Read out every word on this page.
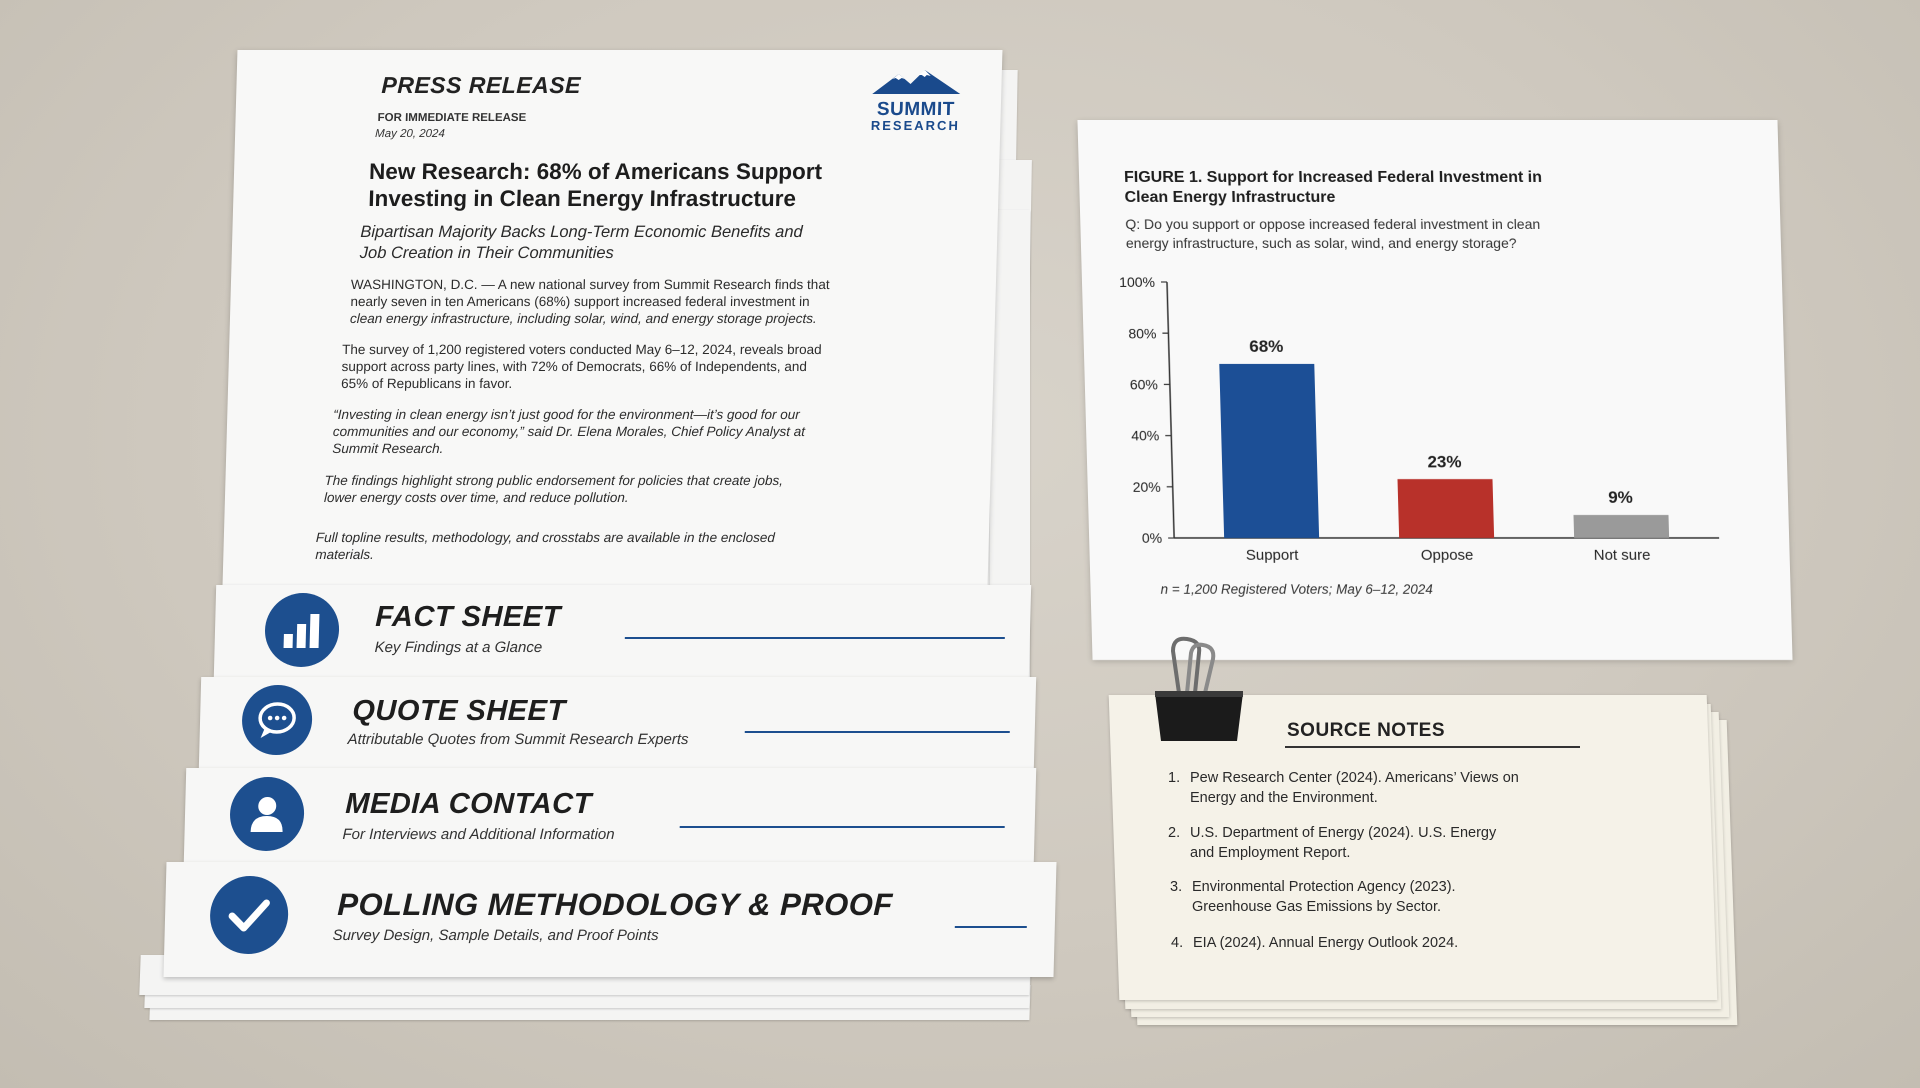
PRESS RELEASE
FOR IMMEDIATE RELEASE
May 20, 2024
SUMMIT
RESEARCH
New Research: 68% of Americans Support
Investing in Clean Energy Infrastructure
Bipartisan Majority Backs Long-Term Economic Benefits and
Job Creation in Their Communities
WASHINGTON, D.C. — A new national survey from Summit Research finds that
nearly seven in ten Americans (68%) support increased federal investment in
clean energy infrastructure, including solar, wind, and energy storage projects.
The survey of 1,200 registered voters conducted May 6–12, 2024, reveals broad
support across party lines, with 72% of Democrats, 66% of Independents, and
65% of Republicans in favor.
“Investing in clean energy isn’t just good for the environment—it’s good for our
communities and our economy,” said Dr. Elena Morales, Chief Policy Analyst at
Summit Research.
The findings highlight strong public endorsement for policies that create jobs,
lower energy costs over time, and reduce pollution.
Full topline results, methodology, and crosstabs are available in the enclosed
materials.
FACT SHEET
Key Findings at a Glance
QUOTE SHEET
Attributable Quotes from Summit Research Experts
MEDIA CONTACT
For Interviews and Additional Information
POLLING METHODOLOGY & PROOF
Survey Design, Sample Details, and Proof Points
FIGURE 1. Support for Increased Federal Investment in
Clean Energy Infrastructure
Q: Do you support or oppose increased federal investment in clean
energy infrastructure, such as solar, wind, and energy storage?
0%
20%
40%
60%
80%
100%
68%
Support
23%
Oppose
9%
Not sure
n = 1,200 Registered Voters; May 6–12, 2024
SOURCE NOTES
1. Pew Research Center (2024). Americans’ Views on
Energy and the Environment.
2. U.S. Department of Energy (2024). U.S. Energy
and Employment Report.
3. Environmental Protection Agency (2023).
Greenhouse Gas Emissions by Sector.
4. EIA (2024). Annual Energy Outlook 2024.
